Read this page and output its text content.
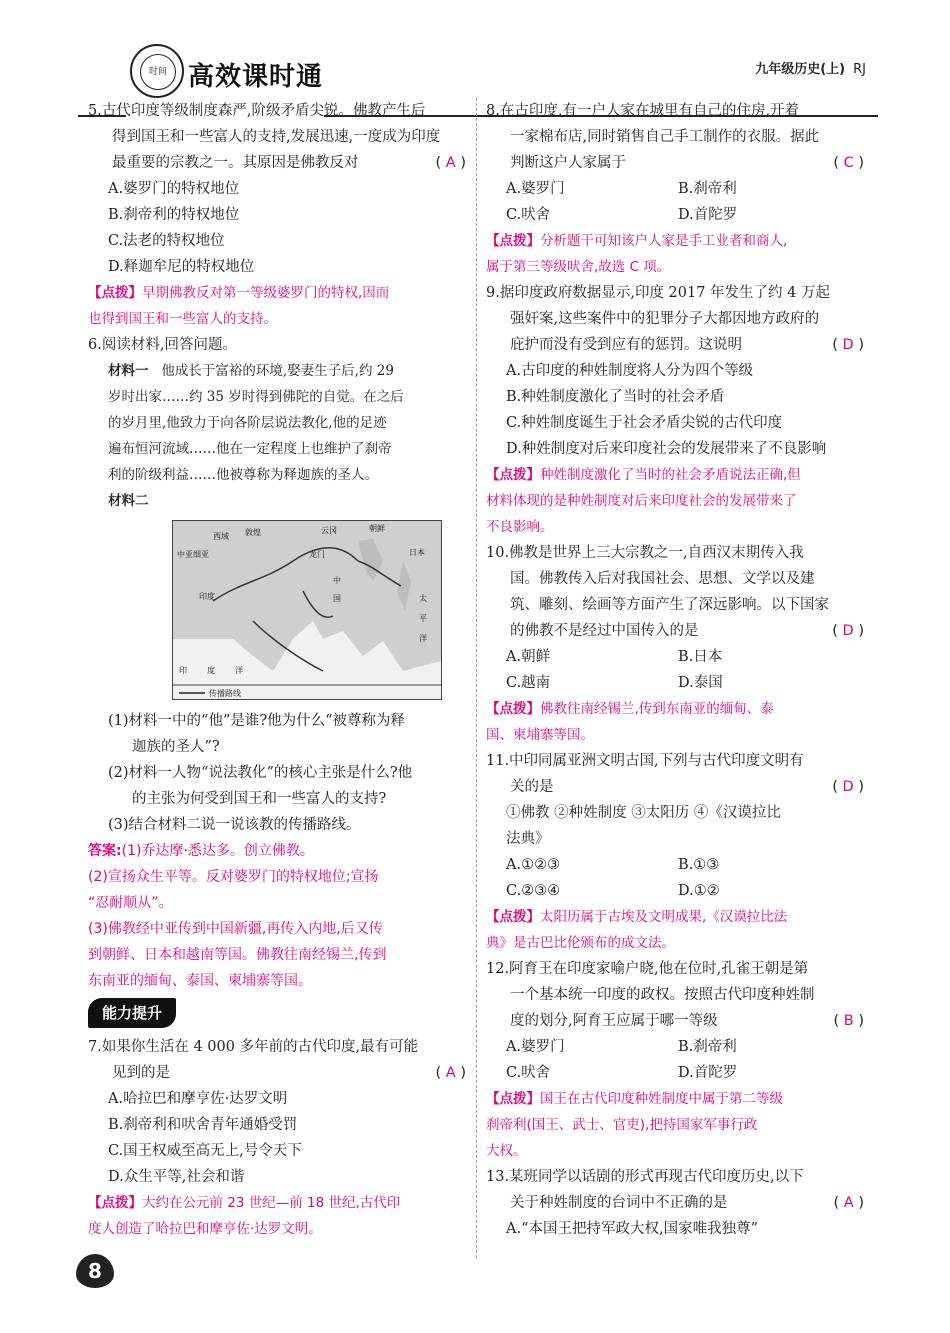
时间 高效课时通	九年级历史(上) RJ

5.古代印度等级制度森严,阶级矛盾尖锐。佛教产生后

得到国王和一些富人的支持,发展迅速,一度成为印度

最重要的宗教之一。其原因是佛教反对	( A )

A.婆罗门的特权地位

B.刹帝利的特权地位

C.法老的特权地位

D.释迦牟尼的特权地位

【点拨】早期佛教反对第一等级婆罗门的特权,因而

也得到国王和一些富人的支持。

6.阅读材料,回答问题。

材料一 他成长于富裕的环境,娶妻生子后,约 29

岁时出家……约 35 岁时得到佛陀的自觉。在之后

的岁月里,他致力于向各阶层说法教化,他的足迹

遍布恒河流域……他在一定程度上也维护了刹帝

利的阶级利益……他被尊称为释迦族的圣人。

材料二

西域 敦煌	云冈	朝鲜
中亚细亚	龙门
中
国
日本
印度	太
平
洋
印	度	洋
传播路线

(1)材料一中的“他”是谁?他为什么“被尊称为释

迦族的圣人”?

(2)材料一人物“说法教化”的核心主张是什么?他

的主张为何受到国王和一些富人的支持?

(3)结合材料二说一说该教的传播路线。

答案:(1)乔达摩·悉达多。创立佛教。

(2)宣扬众生平等。反对婆罗门的特权地位;宣扬

“忍耐顺从”。

(3)佛教经中亚传到中国新疆,再传入内地,后又传

到朝鲜、日本和越南等国。佛教往南经锡兰,传到

东南亚的缅甸、泰国、柬埔寨等国。

能力提升

7.如果你生活在 4 000 多年前的古代印度,最有可能

见到的是	( A )

A.哈拉巴和摩亨佐·达罗文明

B.刹帝利和吠舍青年通婚受罚

C.国王权威至高无上,号令天下

D.众生平等,社会和谐

【点拨】大约在公元前 23 世纪—前 18 世纪,古代印

度人创造了哈拉巴和摩亨佐·达罗文明。

8.在古印度,有一户人家在城里有自己的住房,开着

一家棉布店,同时销售自己手工制作的衣服。据此

判断这户人家属于	( C )

A.婆罗门	B.刹帝利
C.吠舍	D.首陀罗

【点拨】分析题干可知该户人家是手工业者和商人,

属于第三等级吠舍,故选 C 项。

9.据印度政府数据显示,印度 2017 年发生了约 4 万起

强奸案,这些案件中的犯罪分子大都因地方政府的

庇护而没有受到应有的惩罚。这说明	( D )

A.古印度的种姓制度将人分为四个等级

B.种姓制度激化了当时的社会矛盾

C.种姓制度诞生于社会矛盾尖锐的古代印度

D.种姓制度对后来印度社会的发展带来了不良影响

【点拨】种姓制度激化了当时的社会矛盾说法正确,但

材料体现的是种姓制度对后来印度社会的发展带来了

不良影响。

10.佛教是世界上三大宗教之一,自西汉末期传入我

国。佛教传入后对我国社会、思想、文学以及建

筑、雕刻、绘画等方面产生了深远影响。以下国家

的佛教不是经过中国传入的是	( D )

A.朝鲜	B.日本
C.越南	D.泰国

【点拨】佛教往南经锡兰,传到东南亚的缅甸、泰

国、柬埔寨等国。

11.中印同属亚洲文明古国,下列与古代印度文明有

关的是	( D )

①佛教 ②种姓制度 ③太阳历 ④《汉谟拉比

法典》

A.①②③	B.①③
C.②③④	D.①②

【点拨】太阳历属于古埃及文明成果,《汉谟拉比法

典》是古巴比伦颁布的成文法。

12.阿育王在印度家喻户晓,他在位时,孔雀王朝是第

一个基本统一印度的政权。按照古代印度种姓制

度的划分,阿育王应属于哪一等级	( B )

A.婆罗门	B.刹帝利
C.吠舍	D.首陀罗

【点拨】国王在古代印度种姓制度中属于第二等级

刹帝利(国王、武士、官吏),把持国家军事行政

大权。

13.某班同学以话剧的形式再现古代印度历史,以下

关于种姓制度的台词中不正确的是	( A )

A.“本国王把持军政大权,国家唯我独尊”

8
